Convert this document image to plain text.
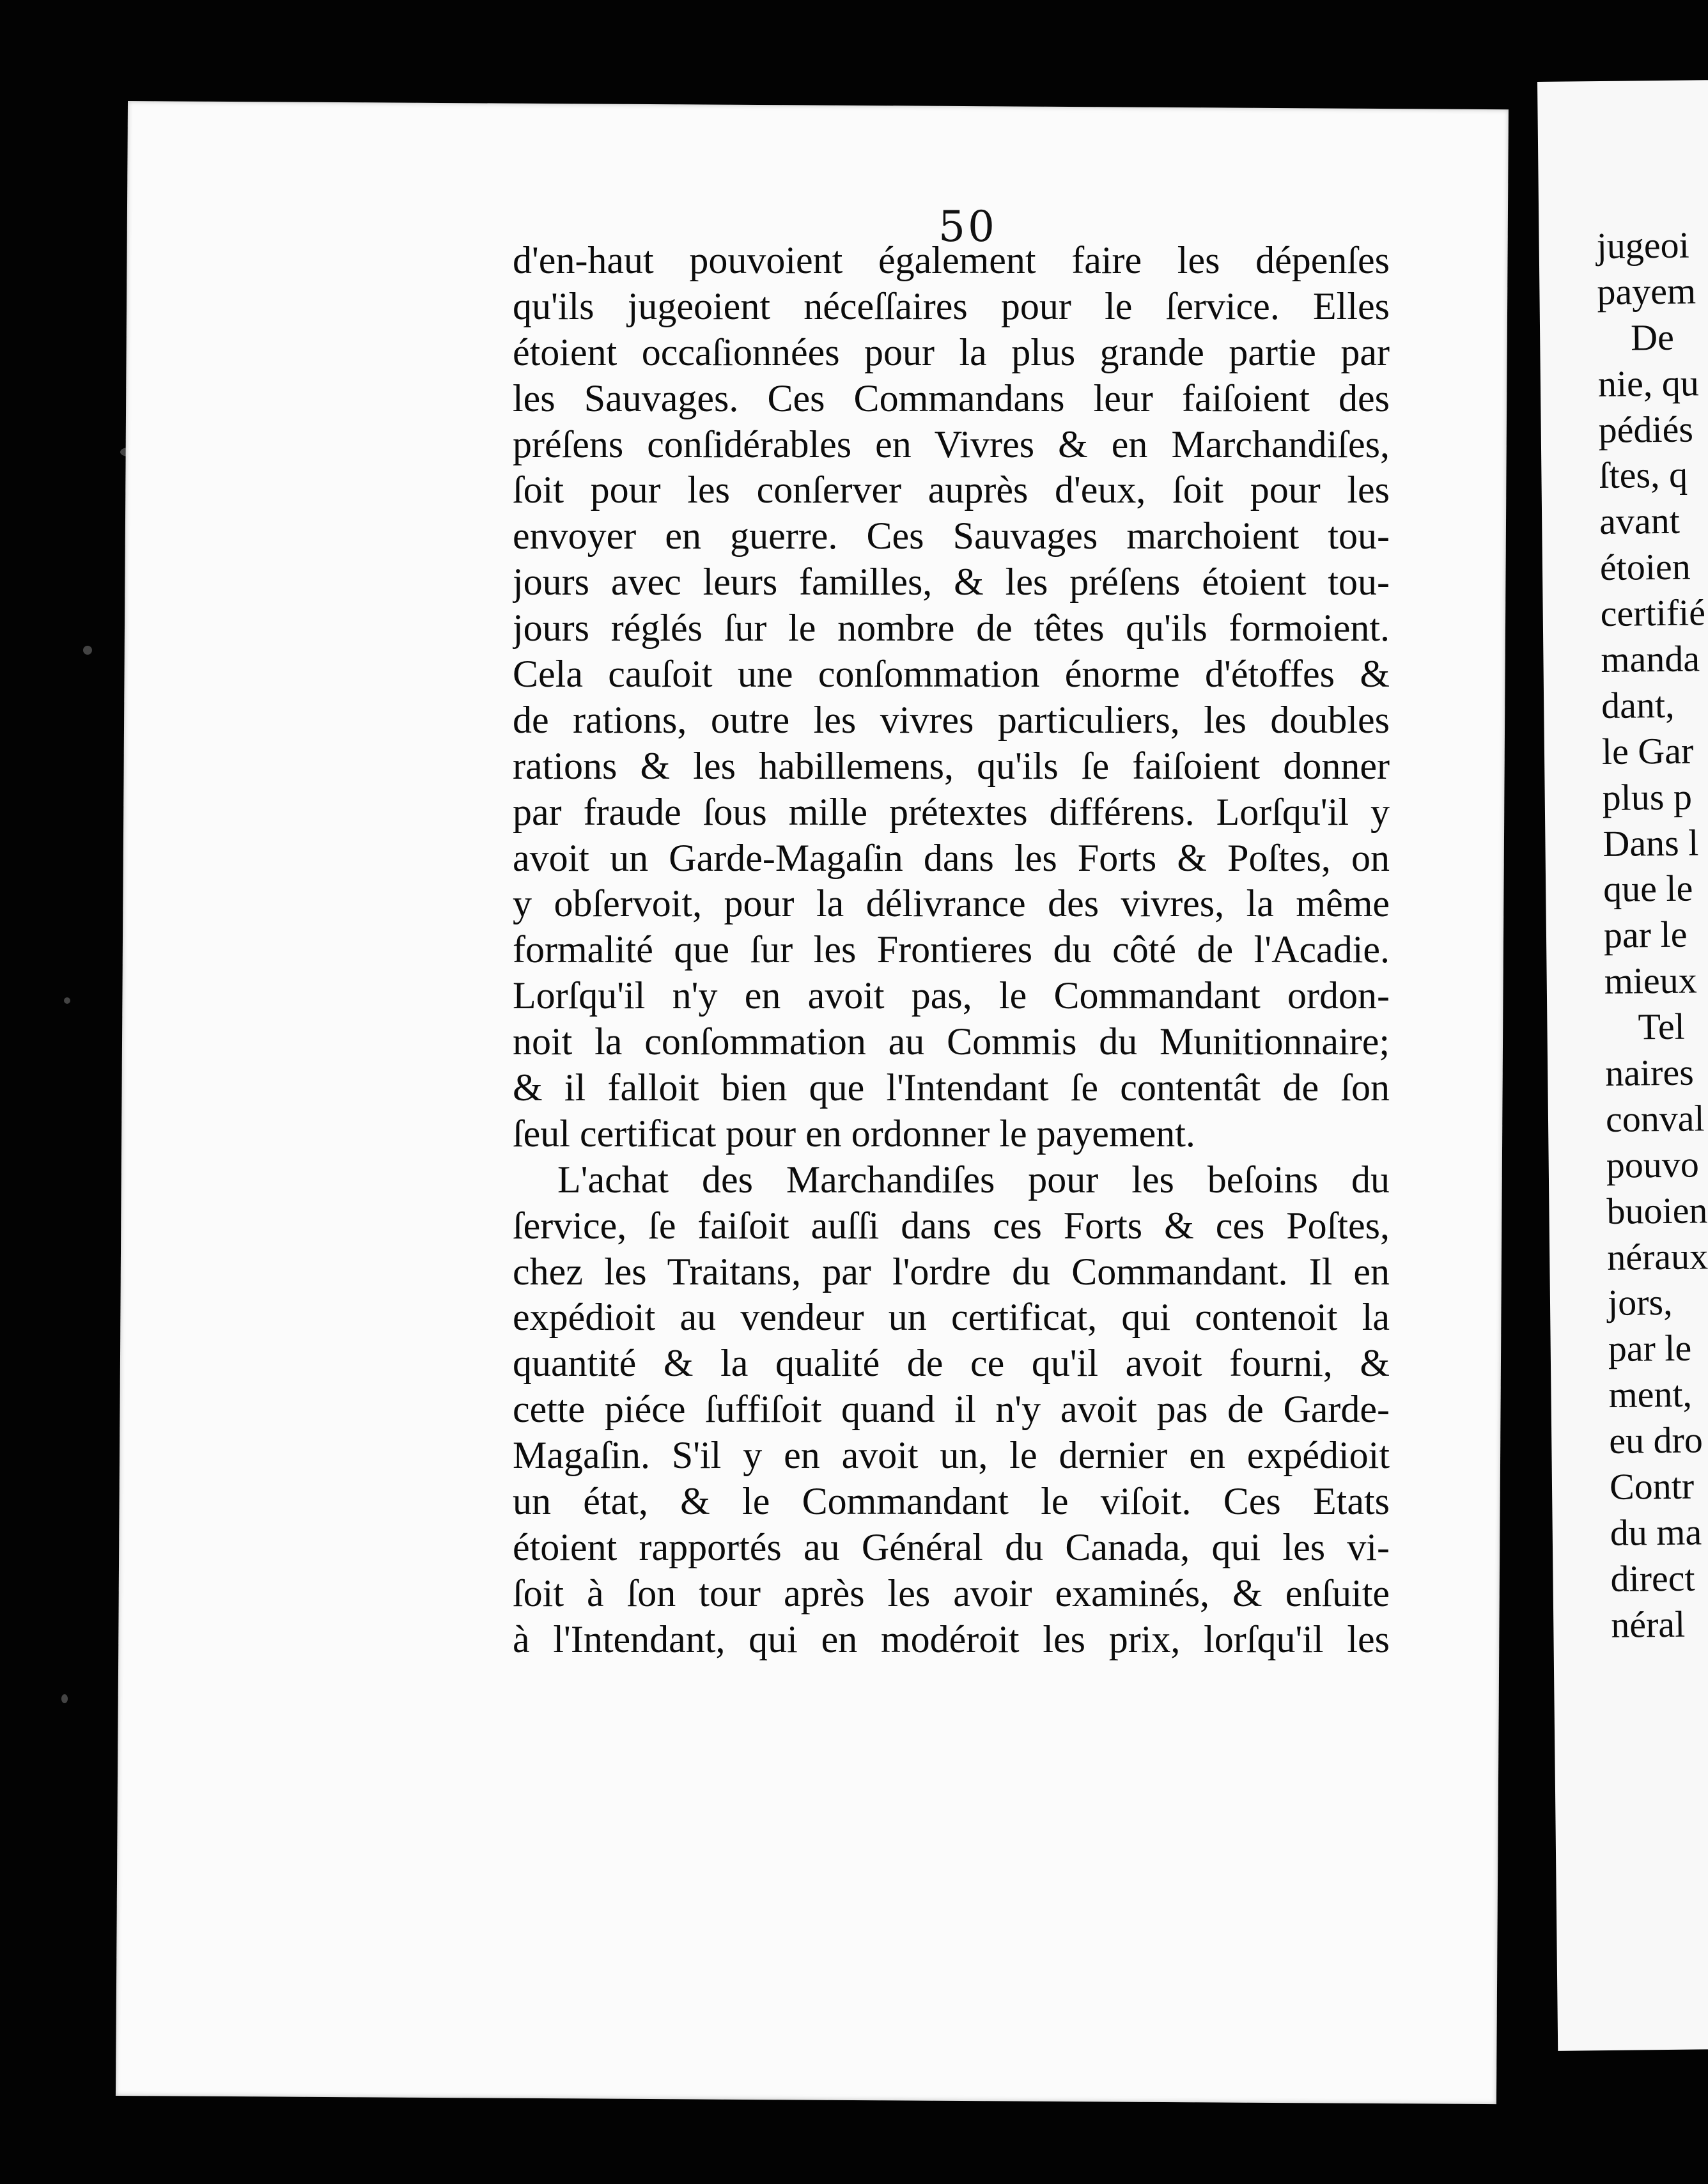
jugeoi
payem
De
nie, qu
pédiés
ſtes, q
avant
étoien
certifié
manda
dant,
le Gar
plus p
Dans l
que le
par le
mieux
Tel
naires
conval
pouvo
buoien
néraux
jors,
par le
ment,
eu dro
Contr
du ma
direct
néral
50
d'en-haut pouvoient également faire les dépenſes
qu'ils jugeoient néceſſaires pour le ſervice. Elles
étoient occaſionnées pour la plus grande partie par
les Sauvages. Ces Commandans leur faiſoient des
préſens conſidérables en Vivres & en Marchandiſes,
ſoit pour les conſerver auprès d'eux, ſoit pour les
envoyer en guerre. Ces Sauvages marchoient tou-
jours avec leurs familles, & les préſens étoient tou-
jours réglés ſur le nombre de têtes qu'ils formoient.
Cela cauſoit une conſommation énorme d'étoffes &
de rations, outre les vivres particuliers, les doubles
rations & les habillemens, qu'ils ſe faiſoient donner
par fraude ſous mille prétextes différens. Lorſqu'il y
avoit un Garde-Magaſin dans les Forts & Poſtes, on
y obſervoit, pour la délivrance des vivres, la même
formalité que ſur les Frontieres du côté de l'Acadie.
Lorſqu'il n'y en avoit pas, le Commandant ordon-
noit la conſommation au Commis du Munitionnaire;
& il falloit bien que l'Intendant ſe contentât de ſon
ſeul certificat pour en ordonner le payement.
L'achat des Marchandiſes pour les beſoins du
ſervice, ſe faiſoit auſſi dans ces Forts & ces Poſtes,
chez les Traitans, par l'ordre du Commandant. Il en
expédioit au vendeur un certificat, qui contenoit la
quantité & la qualité de ce qu'il avoit fourni, &
cette piéce ſuffiſoit quand il n'y avoit pas de Garde-
Magaſin. S'il y en avoit un, le dernier en expédioit
un état, & le Commandant le viſoit. Ces Etats
étoient rapportés au Général du Canada, qui les vi-
ſoit à ſon tour après les avoir examinés, & enſuite
à l'Intendant, qui en modéroit les prix, lorſqu'il les
